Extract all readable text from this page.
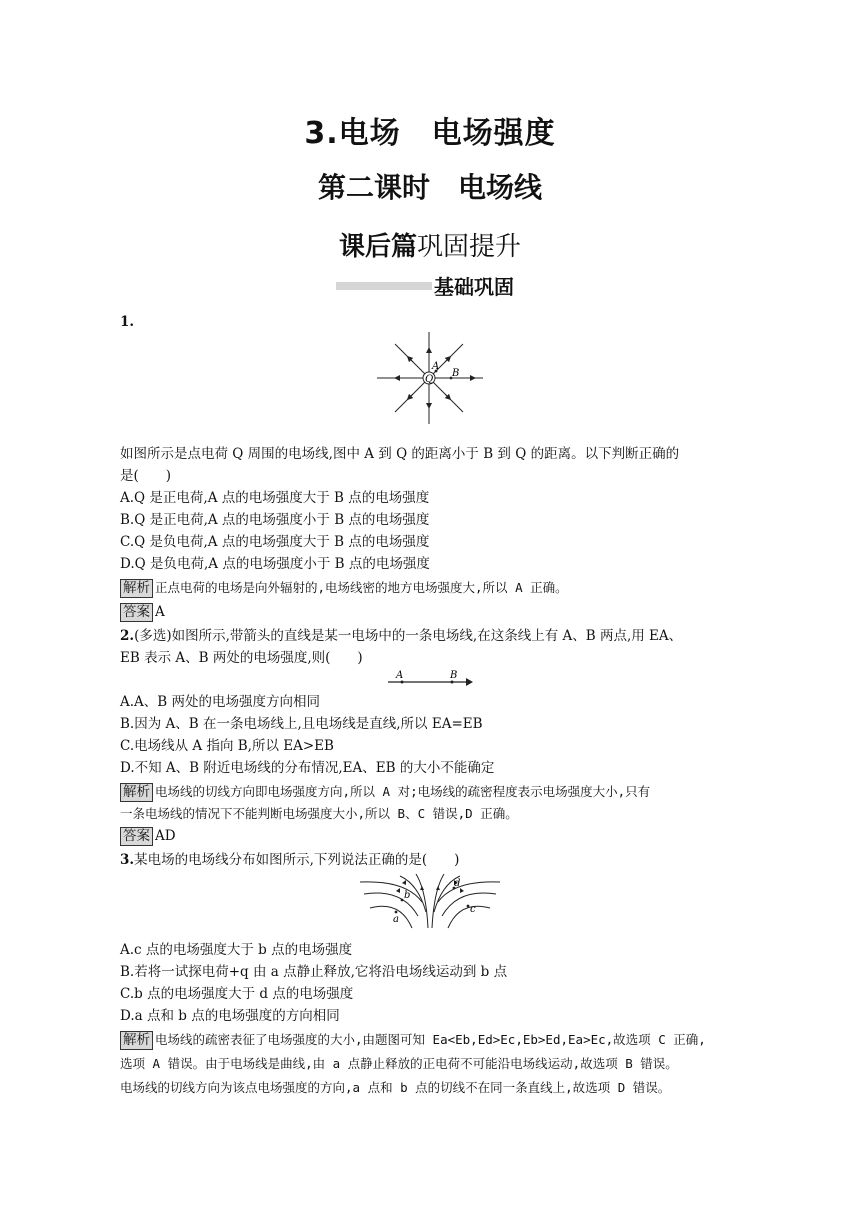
3.电场　电场强度
第二课时　电场线
课后篇巩固提升
基础巩固
1.
Q
A
B
如图所示是点电荷 Q 周围的电场线,图中 A 到 Q 的距离小于 B 到 Q 的距离。以下判断正确的
是(　　)
A.Q 是正电荷,A 点的电场强度大于 B 点的电场强度
B.Q 是正电荷,A 点的电场强度小于 B 点的电场强度
C.Q 是负电荷,A 点的电场强度大于 B 点的电场强度
D.Q 是负电荷,A 点的电场强度小于 B 点的电场强度
解析 正点电荷的电场是向外辐射的,电场线密的地方电场强度大,所以 A 正确。
答案 A
2.(多选)如图所示,带箭头的直线是某一电场中的一条电场线,在这条线上有 A、B 两点,用 EA、
EB 表示 A、B 两处的电场强度,则(　　)
A	B
A.A、B 两处的电场强度方向相同
B.因为 A、B 在一条电场线上,且电场线是直线,所以 EA=EB
C.电场线从 A 指向 B,所以 EA>EB
D.不知 A、B 附近电场线的分布情况,EA、EB 的大小不能确定
解析 电场线的切线方向即电场强度方向,所以 A 对;电场线的疏密程度表示电场强度大小,只有
一条电场线的情况下不能判断电场强度大小,所以 B、C 错误,D 正确。
答案 AD
3.某电场的电场线分布如图所示,下列说法正确的是(　　)
a
b
c
d
A.c 点的电场强度大于 b 点的电场强度
B.若将一试探电荷+q 由 a 点静止释放,它将沿电场线运动到 b 点
C.b 点的电场强度大于 d 点的电场强度
D.a 点和 b 点的电场强度的方向相同
解析 电场线的疏密表征了电场强度的大小,由题图可知 Ea<Eb,Ed>Ec,Eb>Ed,Ea>Ec,故选项 C 正确,
选项 A 错误。由于电场线是曲线,由 a 点静止释放的正电荷不可能沿电场线运动,故选项 B 错误。
电场线的切线方向为该点电场强度的方向,a 点和 b 点的切线不在同一条直线上,故选项 D 错误。
